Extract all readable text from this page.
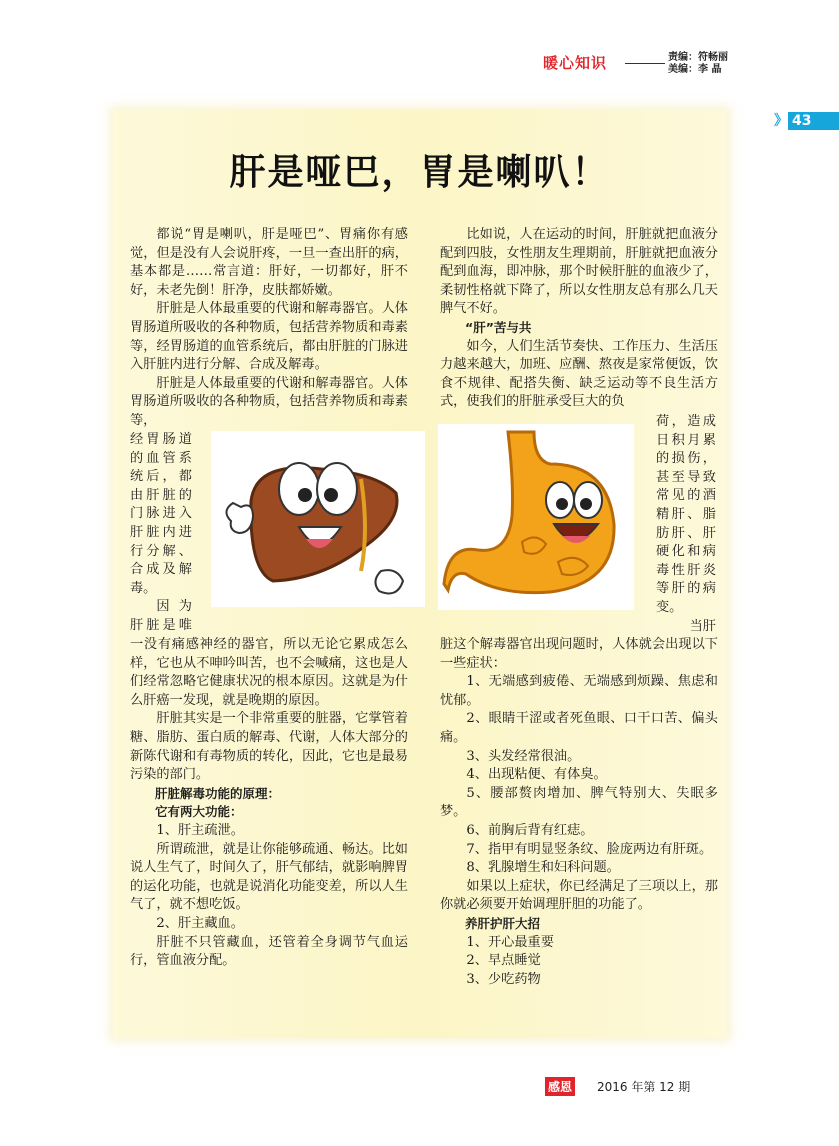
暖心知识	责编：符畅丽
美编：李 晶
》 43
肝是哑巴，胃是喇叭！

都说“胃是喇叭，肝是哑巴”、胃痛你有感觉，但是没有人会说肝疼，一旦一查出肝的病，基本都是……常言道：肝好，一切都好，肝不好，未老先倒！肝净，皮肤都娇嫩。

肝脏是人体最重要的代谢和解毒器官。人体胃肠道所吸收的各种物质，包括营养物质和毒素等，经胃肠道的血管系统后，都由肝脏的门脉进入肝脏内进行分解、合成及解毒。

肝脏是人体最重要的代谢和解毒器官。人体胃肠道所吸收的各种物质，包括营养物质和毒素等，

经胃肠道

的血管系

统后，都

由肝脏的

门脉进入

肝脏内进

行分解、

合成及解

毒。

因为

肝脏是唯

一没有痛感神经的器官，所以无论它累成怎么样，它也从不呻吟叫苦，也不会喊痛，这也是人们经常忽略它健康状况的根本原因。这就是为什么肝癌一发现，就是晚期的原因。

肝脏其实是一个非常重要的脏器，它掌管着糖、脂肪、蛋白质的解毒、代谢，人体大部分的新陈代谢和有毒物质的转化，因此，它也是最易污染的部门。

肝脏解毒功能的原理：

它有两大功能：

1、肝主疏泄。

所谓疏泄，就是让你能够疏通、畅达。比如说人生气了，时间久了，肝气郁结，就影响脾胃的运化功能，也就是说消化功能变差，所以人生气了，就不想吃饭。

2、肝主藏血。

肝脏不只管藏血，还管着全身调节气血运行，管血液分配。

比如说，人在运动的时间，肝脏就把血液分配到四肢，女性朋友生理期前，肝脏就把血液分配到血海，即冲脉，那个时候肝脏的血液少了，柔韧性格就下降了，所以女性朋友总有那么几天脾气不好。

“肝”苦与共

如今，人们生活节奏快、工作压力、生活压力越来越大，加班、应酬、熬夜是家常便饭，饮食不规律、配搭失衡、缺乏运动等不良生活方式，使我们的肝脏承受巨大的负

荷，造成

日积月累

的损伤，

甚至导致

常见的酒

精肝、脂

肪肝、肝

硬化和病

毒性肝炎

等肝的病

变。

当肝

脏这个解毒器官出现问题时，人体就会出现以下一些症状：

1、无端感到疲倦、无端感到烦躁、焦虑和忧郁。

2、眼睛干涩或者死鱼眼、口干口苦、偏头痛。

3、头发经常很油。

4、出现粘便、有体臭。

5、腰部赘肉增加、脾气特别大、失眠多梦。

6、前胸后背有红痣。

7、指甲有明显竖条纹、脸庞两边有肝斑。

8、乳腺增生和妇科问题。

如果以上症状，你已经满足了三项以上，那你就必须要开始调理肝胆的功能了。

养肝护肝大招

1、开心最重要

2、早点睡觉

3、少吃药物

感恩 2016 年第 12 期
